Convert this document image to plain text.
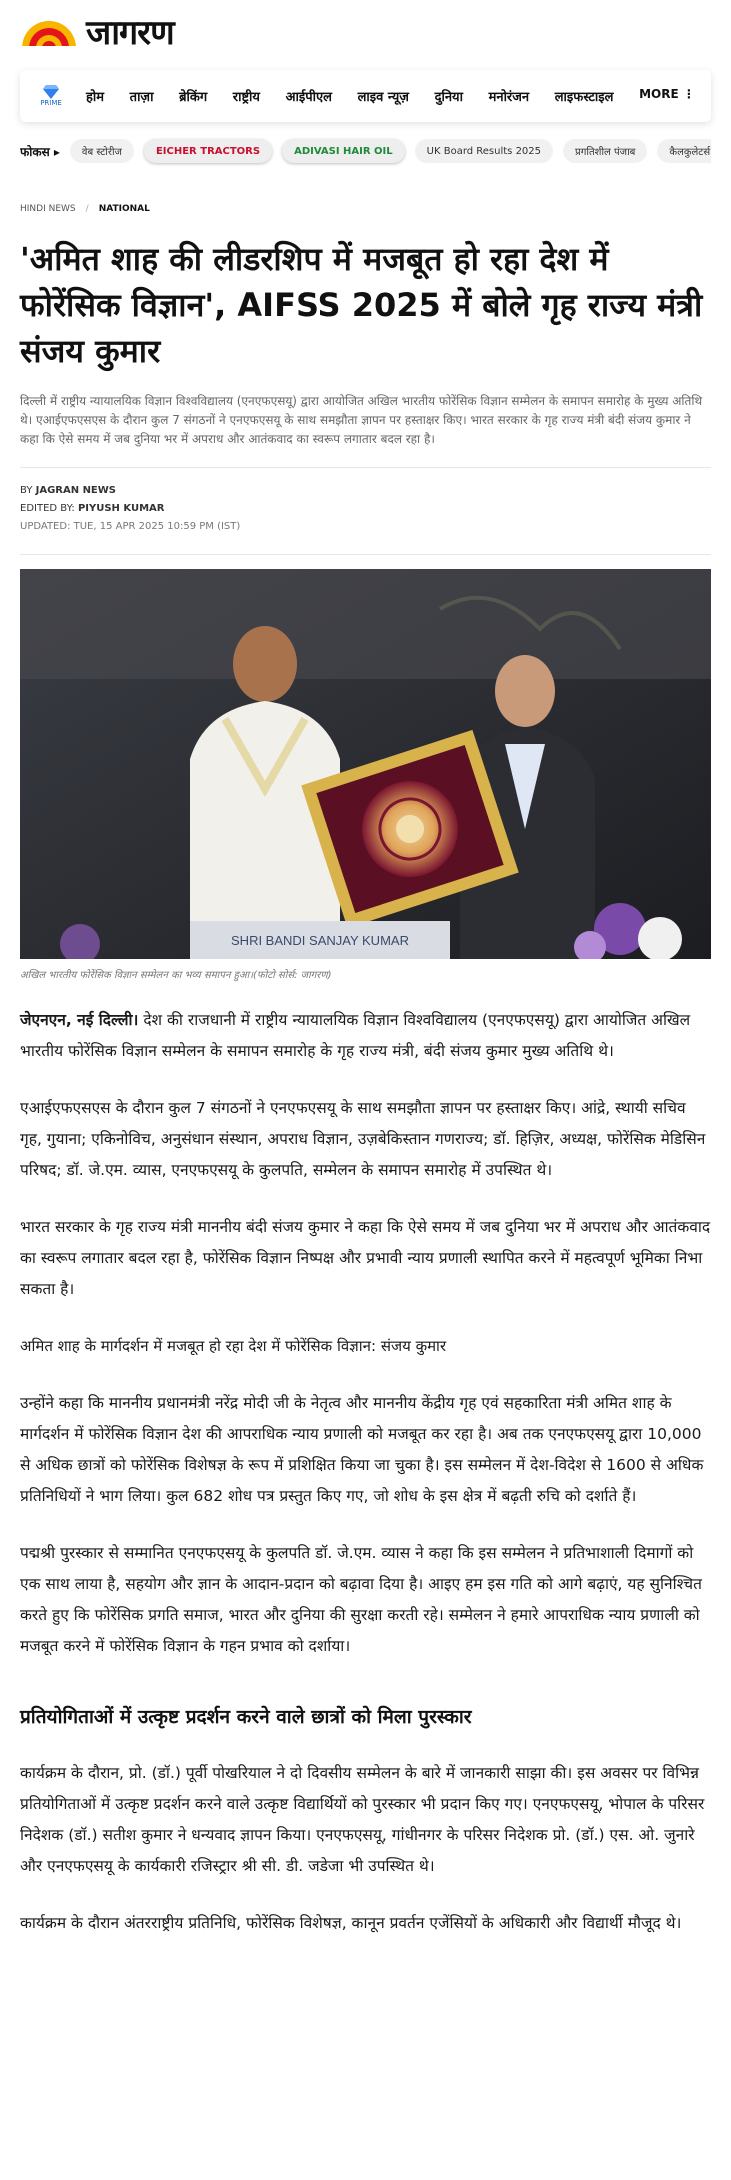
जागरण
PRIME	होम	ताज़ा	ब्रेकिंग	राष्ट्रीय	आईपीएल	लाइव न्यूज़	दुनिया	मनोरंजन	लाइफस्टाइल	MORE ⋮
फोकस ▸	वेब स्टोरीज	EICHER TRACTORS	ADIVASI HAIR OIL	UK Board Results 2025	प्रगतिशील पंजाब	कैलकुलेटर्स
HINDI NEWS / NATIONAL
'अमित शाह की लीडरशिप में मजबूत हो रहा देश में फोरेंसिक विज्ञान', AIFSS 2025 में बोले गृह राज्य मंत्री संजय कुमार
दिल्ली में राष्ट्रीय न्यायालयिक विज्ञान विश्वविद्यालय (एनएफएसयू) द्वारा आयोजित अखिल भारतीय फोरेंसिक विज्ञान सम्मेलन के समापन समारोह के मुख्य अतिथि थे। एआईएफएसएस के दौरान कुल 7 संगठनों ने एनएफएसयू के साथ समझौता ज्ञापन पर हस्ताक्षर किए। भारत सरकार के गृह राज्य मंत्री बंदी संजय कुमार ने कहा कि ऐसे समय में जब दुनिया भर में अपराध और आतंकवाद का स्वरूप लगातार बदल रहा है।
BY JAGRAN NEWS
EDITED BY: PIYUSH KUMAR
UPDATED: TUE, 15 APR 2025 10:59 PM (IST)
SHRI BANDI SANJAY KUMAR
अखिल भारतीय फोरेंसिक विज्ञान सम्मेलन का भव्य समापन हुआ।(फोटो सोर्स: जागरण)

जेएनएन, नई दिल्ली। देश की राजधानी में राष्ट्रीय न्यायालयिक विज्ञान विश्वविद्यालय (एनएफएसयू) द्वारा आयोजित अखिल भारतीय फोरेंसिक विज्ञान सम्मेलन के समापन समारोह के गृह राज्य मंत्री, बंदी संजय कुमार मुख्य अतिथि थे।

एआईएफएसएस के दौरान कुल 7 संगठनों ने एनएफएसयू के साथ समझौता ज्ञापन पर हस्ताक्षर किए। आंद्रे, स्थायी सचिव गृह, गुयाना; एकिनोविच, अनुसंधान संस्थान, अपराध विज्ञान, उज़बेकिस्तान गणराज्य; डॉ. हिज़िर, अध्यक्ष, फोरेंसिक मेडिसिन परिषद; डॉ. जे.एम. व्यास, एनएफएसयू के कुलपति, सम्मेलन के समापन समारोह में उपस्थित थे।

भारत सरकार के गृह राज्य मंत्री माननीय बंदी संजय कुमार ने कहा कि ऐसे समय में जब दुनिया भर में अपराध और आतंकवाद का स्वरूप लगातार बदल रहा है, फोरेंसिक विज्ञान निष्पक्ष और प्रभावी न्याय प्रणाली स्थापित करने में महत्वपूर्ण भूमिका निभा सकता है।

अमित शाह के मार्गदर्शन में मजबूत हो रहा देश में फोरेंसिक विज्ञान: संजय कुमार

उन्होंने कहा कि माननीय प्रधानमंत्री नरेंद्र मोदी जी के नेतृत्व और माननीय केंद्रीय गृह एवं सहकारिता मंत्री अमित शाह के मार्गदर्शन में फोरेंसिक विज्ञान देश की आपराधिक न्याय प्रणाली को मजबूत कर रहा है। अब तक एनएफएसयू द्वारा 10,000 से अधिक छात्रों को फोरेंसिक विशेषज्ञ के रूप में प्रशिक्षित किया जा चुका है। इस सम्मेलन में देश-विदेश से 1600 से अधिक प्रतिनिधियों ने भाग लिया। कुल 682 शोध पत्र प्रस्तुत किए गए, जो शोध के इस क्षेत्र में बढ़ती रुचि को दर्शाते हैं।

पद्मश्री पुरस्कार से सम्मानित एनएफएसयू के कुलपति डॉ. जे.एम. व्यास ने कहा कि इस सम्मेलन ने प्रतिभाशाली दिमागों को एक साथ लाया है, सहयोग और ज्ञान के आदान-प्रदान को बढ़ावा दिया है। आइए हम इस गति को आगे बढ़ाएं, यह सुनिश्चित करते हुए कि फोरेंसिक प्रगति समाज, भारत और दुनिया की सुरक्षा करती रहे। सम्मेलन ने हमारे आपराधिक न्याय प्रणाली को मजबूत करने में फोरेंसिक विज्ञान के गहन प्रभाव को दर्शाया।

प्रतियोगिताओं में उत्कृष्ट प्रदर्शन करने वाले छात्रों को मिला पुरस्कार

कार्यक्रम के दौरान, प्रो. (डॉ.) पूर्वी पोखरियाल ने दो दिवसीय सम्मेलन के बारे में जानकारी साझा की। इस अवसर पर विभिन्न प्रतियोगिताओं में उत्कृष्ट प्रदर्शन करने वाले उत्कृष्ट विद्यार्थियों को पुरस्कार भी प्रदान किए गए। एनएफएसयू, भोपाल के परिसर निदेशक (डॉ.) सतीश कुमार ने धन्यवाद ज्ञापन किया। एनएफएसयू, गांधीनगर के परिसर निदेशक प्रो. (डॉ.) एस. ओ. जुनारे और एनएफएसयू के कार्यकारी रजिस्ट्रार श्री सी. डी. जडेजा भी उपस्थित थे।

कार्यक्रम के दौरान अंतरराष्ट्रीय प्रतिनिधि, फोरेंसिक विशेषज्ञ, कानून प्रवर्तन एजेंसियों के अधिकारी और विद्यार्थी मौजूद थे।
